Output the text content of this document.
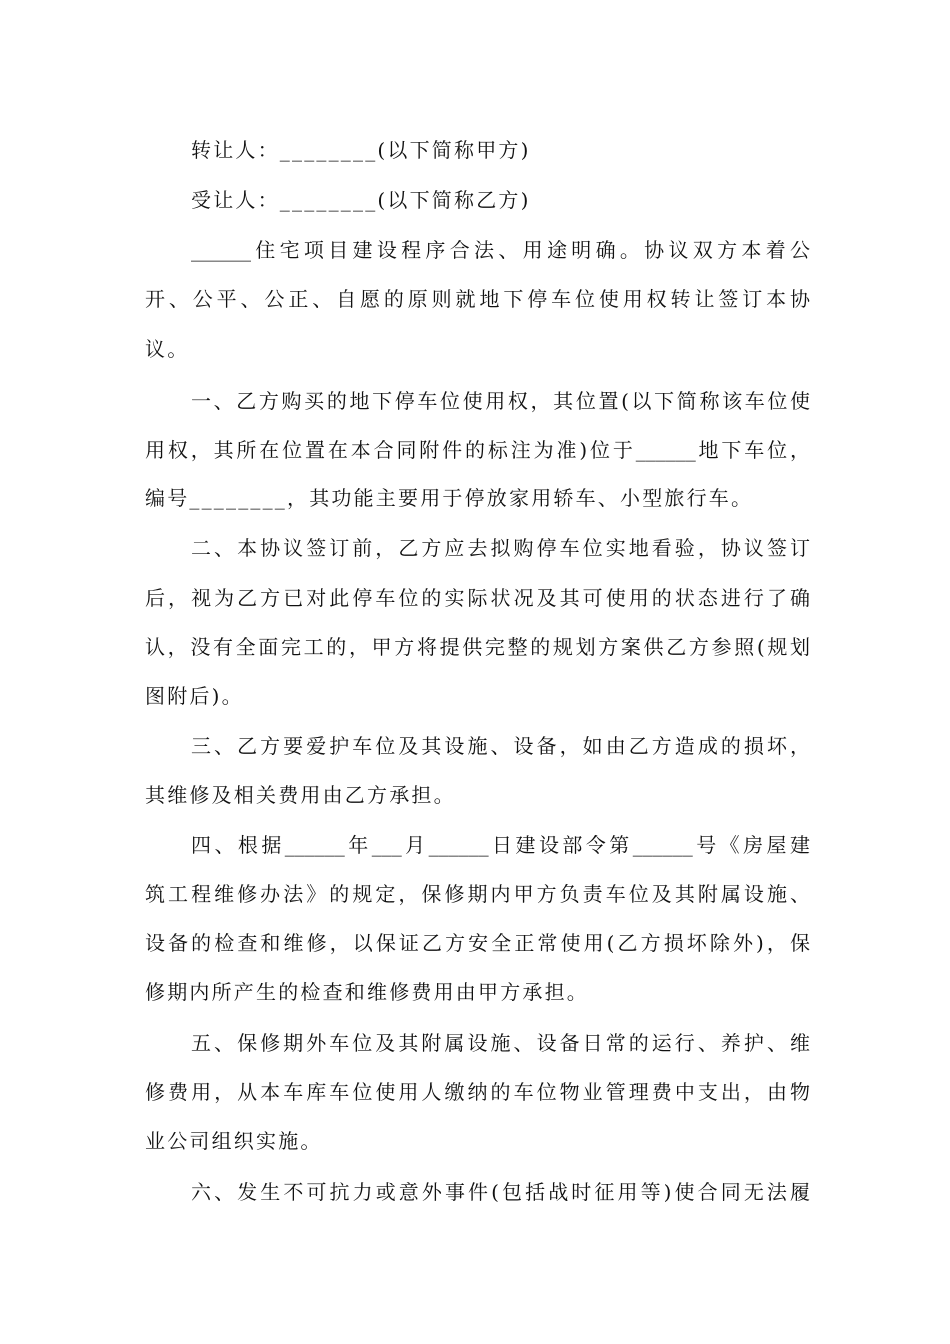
转让人：________(以下简称甲方)
受让人：________(以下简称乙方)
______住宅项目建设程序合法、用途明确。协议双方本着公
开、公平、公正、自愿的原则就地下停车位使用权转让签订本协
议。
一、乙方购买的地下停车位使用权，其位置(以下简称该车位使
用权，其所在位置在本合同附件的标注为准)位于______地下车位，
编号________，其功能主要用于停放家用轿车、小型旅行车。
二、本协议签订前，乙方应去拟购停车位实地看验，协议签订
后，视为乙方已对此停车位的实际状况及其可使用的状态进行了确
认，没有全面完工的，甲方将提供完整的规划方案供乙方参照(规划
图附后)。
三、乙方要爱护车位及其设施、设备，如由乙方造成的损坏，
其维修及相关费用由乙方承担。
四、根据______年___月______日建设部令第______号《房屋建
筑工程维修办法》的规定，保修期内甲方负责车位及其附属设施、
设备的检查和维修，以保证乙方安全正常使用(乙方损坏除外)，保
修期内所产生的检查和维修费用由甲方承担。
五、保修期外车位及其附属设施、设备日常的运行、养护、维
修费用，从本车库车位使用人缴纳的车位物业管理费中支出，由物
业公司组织实施。
六、发生不可抗力或意外事件(包括战时征用等)使合同无法履
